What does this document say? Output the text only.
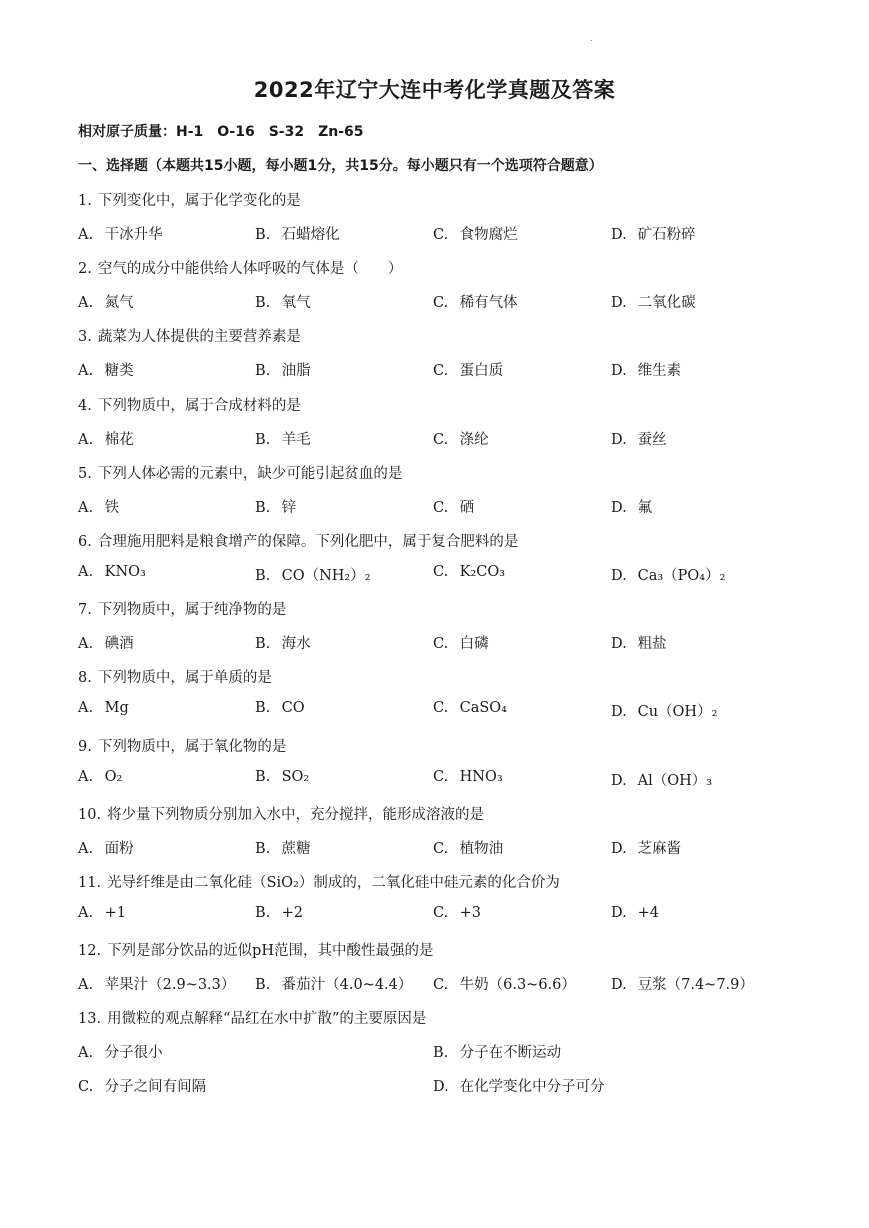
.
2022年辽宁大连中考化学真题及答案
相对原子质量：H-1　O-16　S-32　Zn-65
一、选择题（本题共15小题，每小题1分，共15分。每小题只有一个选项符合题意）
1. 下列变化中，属于化学变化的是
A. 干冰升华	B. 石蜡熔化	C. 食物腐烂	D. 矿石粉碎
2. 空气的成分中能供给人体呼吸的气体是（　　）
A. 氮气	B. 氧气	C. 稀有气体	D. 二氧化碳
3. 蔬菜为人体提供的主要营养素是
A. 糖类	B. 油脂	C. 蛋白质	D. 维生素
4. 下列物质中，属于合成材料的是
A. 棉花	B. 羊毛	C. 涤纶	D. 蚕丝
5. 下列人体必需的元素中，缺少可能引起贫血的是
A. 铁	B. 锌	C. 硒	D. 氟
6. 合理施用肥料是粮食增产的保障。下列化肥中，属于复合肥料的是
A. KNO₃	B. CO（NH₂）₂	C. K₂CO₃	D. Ca₃（PO₄）₂
7. 下列物质中，属于纯净物的是
A. 碘酒	B. 海水	C. 白磷	D. 粗盐
8. 下列物质中，属于单质的是
A. Mg	B. CO	C. CaSO₄	D. Cu（OH）₂
9. 下列物质中，属于氧化物的是
A. O₂	B. SO₂	C. HNO₃	D. Al（OH）₃
10. 将少量下列物质分别加入水中，充分搅拌，能形成溶液的是
A. 面粉	B. 蔗糖	C. 植物油	D. 芝麻酱
11. 光导纤维是由二氧化硅（SiO₂）制成的，二氧化硅中硅元素的化合价为
A. +1	B. +2	C. +3	D. +4
12. 下列是部分饮品的近似pH范围，其中酸性最强的是
A. 苹果汁（2.9~3.3） B. 番茄汁（4.0~4.4） C. 牛奶（6.3~6.6） D. 豆浆（7.4~7.9）
13. 用微粒的观点解释“品红在水中扩散”的主要原因是
A. 分子很小	B. 分子在不断运动
C. 分子之间有间隔	D. 在化学变化中分子可分
